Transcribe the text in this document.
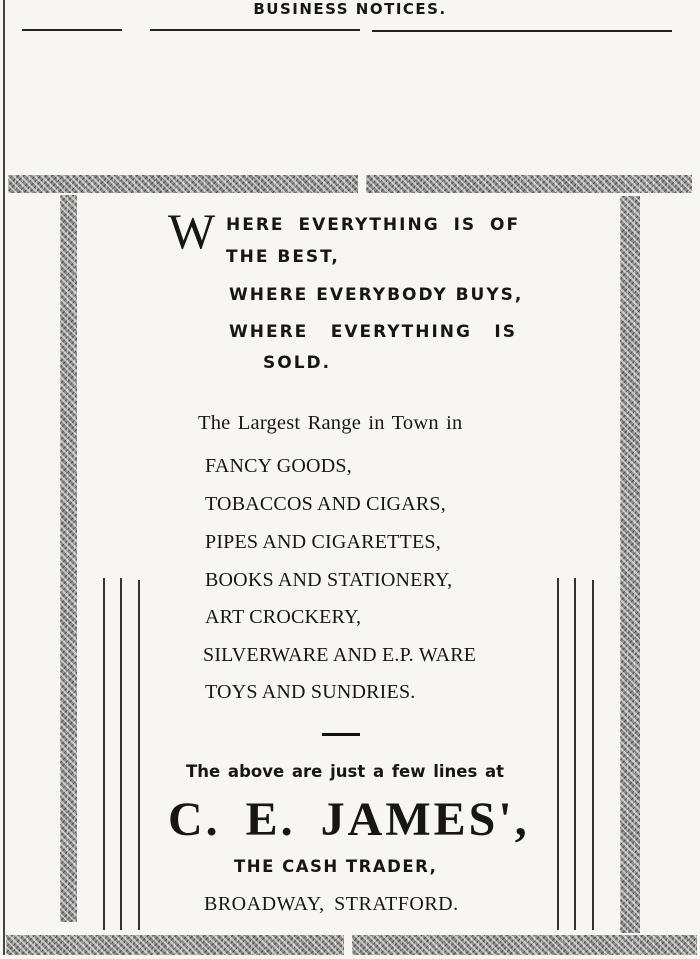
BUSINESS NOTICES.
W HERE EVERYTHING IS OF
THE BEST,
WHERE EVERYBODY BUYS,
WHERE EVERYTHING IS
SOLD.
The Largest Range in Town in
FANCY GOODS,
TOBACCOS AND CIGARS,
PIPES AND CIGARETTES,
BOOKS AND STATIONERY,
ART CROCKERY,
SILVERWARE AND E.P. WARE
TOYS AND SUNDRIES.
The above are just a few lines at
C. E. JAMES',
THE CASH TRADER,
BROADWAY, STRATFORD.
